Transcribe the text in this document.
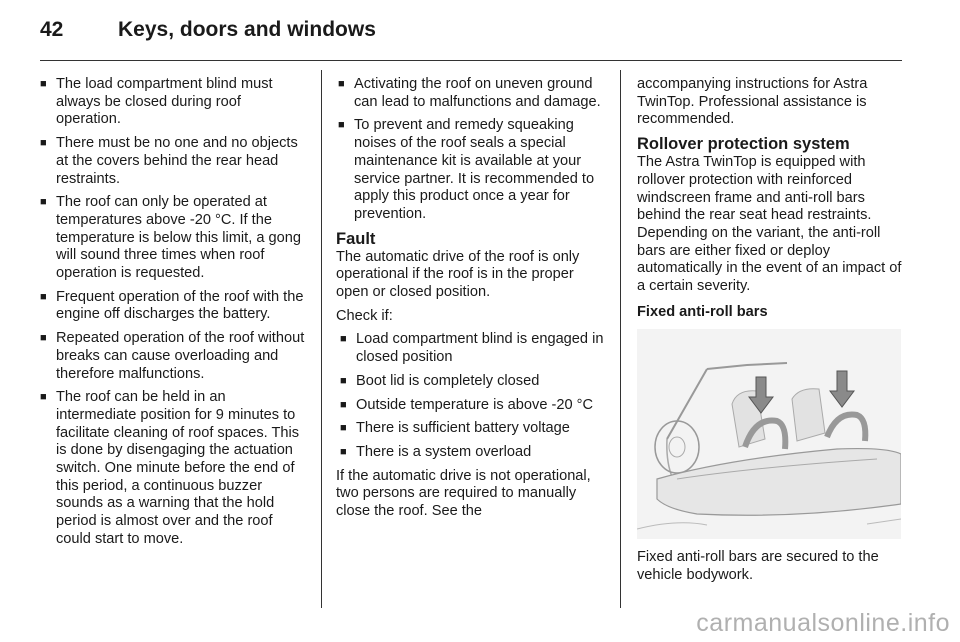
42	Keys, doors and windows
■ The load compartment blind must always be closed during roof operation.
■ There must be no one and no objects at the covers behind the rear head restraints.
■ The roof can only be operated at temperatures above -20 °C. If the temperature is below this limit, a gong will sound three times when roof operation is requested.
■ Frequent operation of the roof with the engine off discharges the battery.
■ Repeated operation of the roof without breaks can cause overloading and therefore malfunctions.
■ The roof can be held in an intermediate position for 9 minutes to facilitate cleaning of roof spaces. This is done by disengaging the actuation switch. One minute before the end of this period, a continuous buzzer sounds as a warning that the hold period is almost over and the roof could start to move.
■ Activating the roof on uneven ground can lead to malfunctions and damage.
■ To prevent and remedy squeaking noises of the roof seals a special maintenance kit is available at your service partner. It is recommended to apply this product once a year for prevention.
Fault

The automatic drive of the roof is only operational if the roof is in the proper open or closed position.

Check if:

■ Load compartment blind is engaged in closed position
■ Boot lid is completely closed
■ Outside temperature is above -20 °C
■ There is sufficient battery voltage
■ There is a system overload

If the automatic drive is not operational, two persons are required to manually close the roof. See the

accompanying instructions for Astra TwinTop. Professional assistance is recommended.

Rollover protection system

The Astra TwinTop is equipped with rollover protection with reinforced windscreen frame and anti-roll bars behind the rear seat head restraints. Depending on the variant, the anti-roll bars are either fixed or deploy automatically in the event of an impact of a certain severity.

Fixed anti-roll bars

Fixed anti-roll bars are secured to the vehicle bodywork.

carmanualsonline.info
